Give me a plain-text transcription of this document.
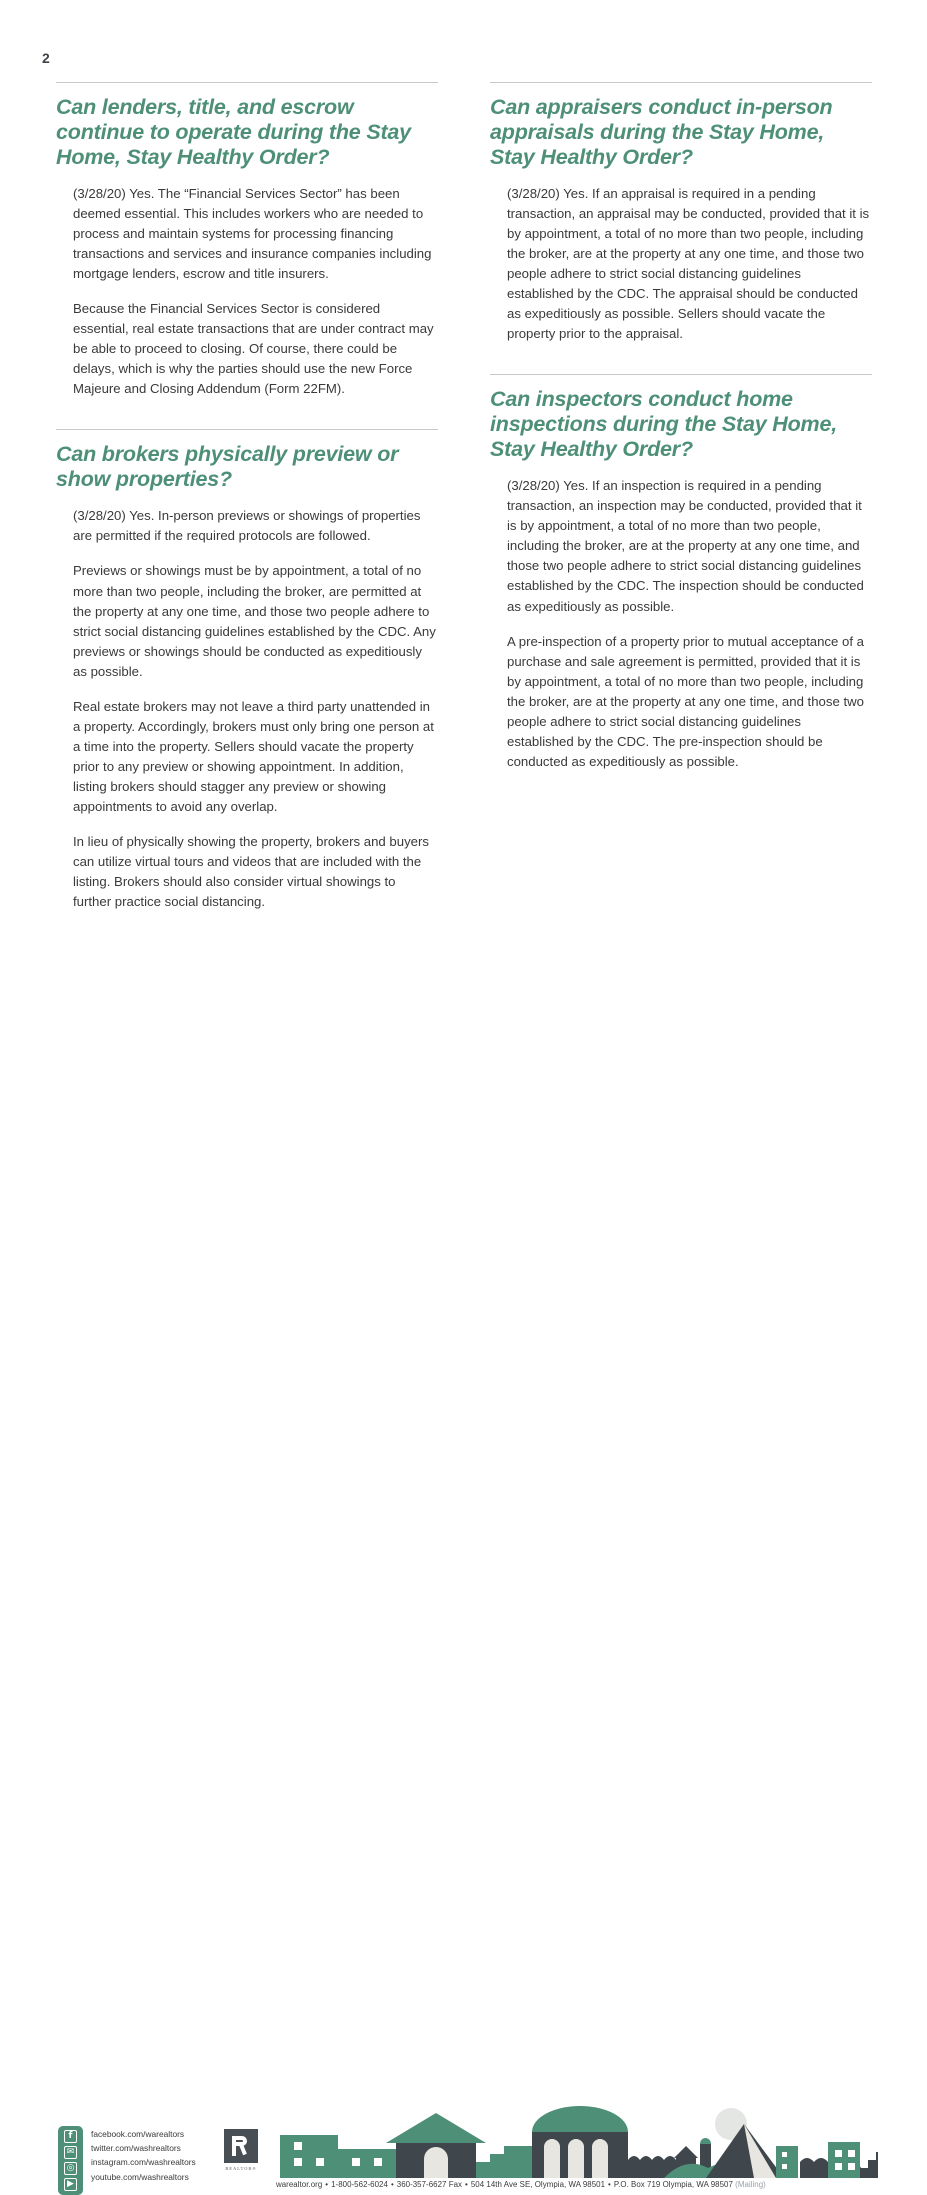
2
Can lenders, title, and escrow continue to operate during the Stay Home, Stay Healthy Order?

(3/28/20) Yes. The “Financial Services Sector” has been deemed essential. This includes workers who are needed to process and maintain systems for processing financing transactions and services and insurance companies including mortgage lenders, escrow and title insurers.

Because the Financial Services Sector is considered essential, real estate transactions that are under contract may be able to proceed to closing. Of course, there could be delays, which is why the parties should use the new Force Majeure and Closing Addendum (Form 22FM).

Can brokers physically preview or show properties?

(3/28/20) Yes. In-person previews or showings of properties are permitted if the required protocols are followed.

Previews or showings must be by appointment, a total of no more than two people, including the broker, are permitted at the property at any one time, and those two people adhere to strict social distancing guidelines established by the CDC. Any previews or showings should be conducted as expeditiously as possible.

Real estate brokers may not leave a third party unattended in a property. Accordingly, brokers must only bring one person at a time into the property. Sellers should vacate the property prior to any preview or showing appointment. In addition, listing brokers should stagger any preview or showing appointments to avoid any overlap.

In lieu of physically showing the property, brokers and buyers can utilize virtual tours and videos that are included with the listing. Brokers should also consider virtual showings to further practice social distancing.

Can appraisers conduct in-person appraisals during the Stay Home, Stay Healthy Order?

(3/28/20) Yes. If an appraisal is required in a pending transaction, an appraisal may be conducted, provided that it is by appointment, a total of no more than two people, including the broker, are at the property at any one time, and those two people adhere to strict social distancing guidelines established by the CDC. The appraisal should be conducted as expeditiously as possible. Sellers should vacate the property prior to the appraisal.

Can inspectors conduct home inspections during the Stay Home, Stay Healthy Order?

(3/28/20) Yes. If an inspection is required in a pending transaction, an inspection may be conducted, provided that it is by appointment, a total of no more than two people, including the broker, are at the property at any one time, and those two people adhere to strict social distancing guidelines established by the CDC. The inspection should be conducted as expeditiously as possible.

A pre-inspection of a property prior to mutual acceptance of a purchase and sale agreement is permitted, provided that it is by appointment, a total of no more than two people, including the broker, are at the property at any one time, and those two people adhere to strict social distancing guidelines established by the CDC. The pre-inspection should be conducted as expeditiously as possible.

f
✉
◎
▶
facebook.com/warealtors
twitter.com/washrealtors
instagram.com/washrealtors
youtube.com/washrealtors
REALTOR®
warealtor.org • 1-800-562-6024 • 360-357-6627 Fax • 504 14th Ave SE, Olympia, WA 98501 • P.O. Box 719 Olympia, WA 98507 (Mailing)
